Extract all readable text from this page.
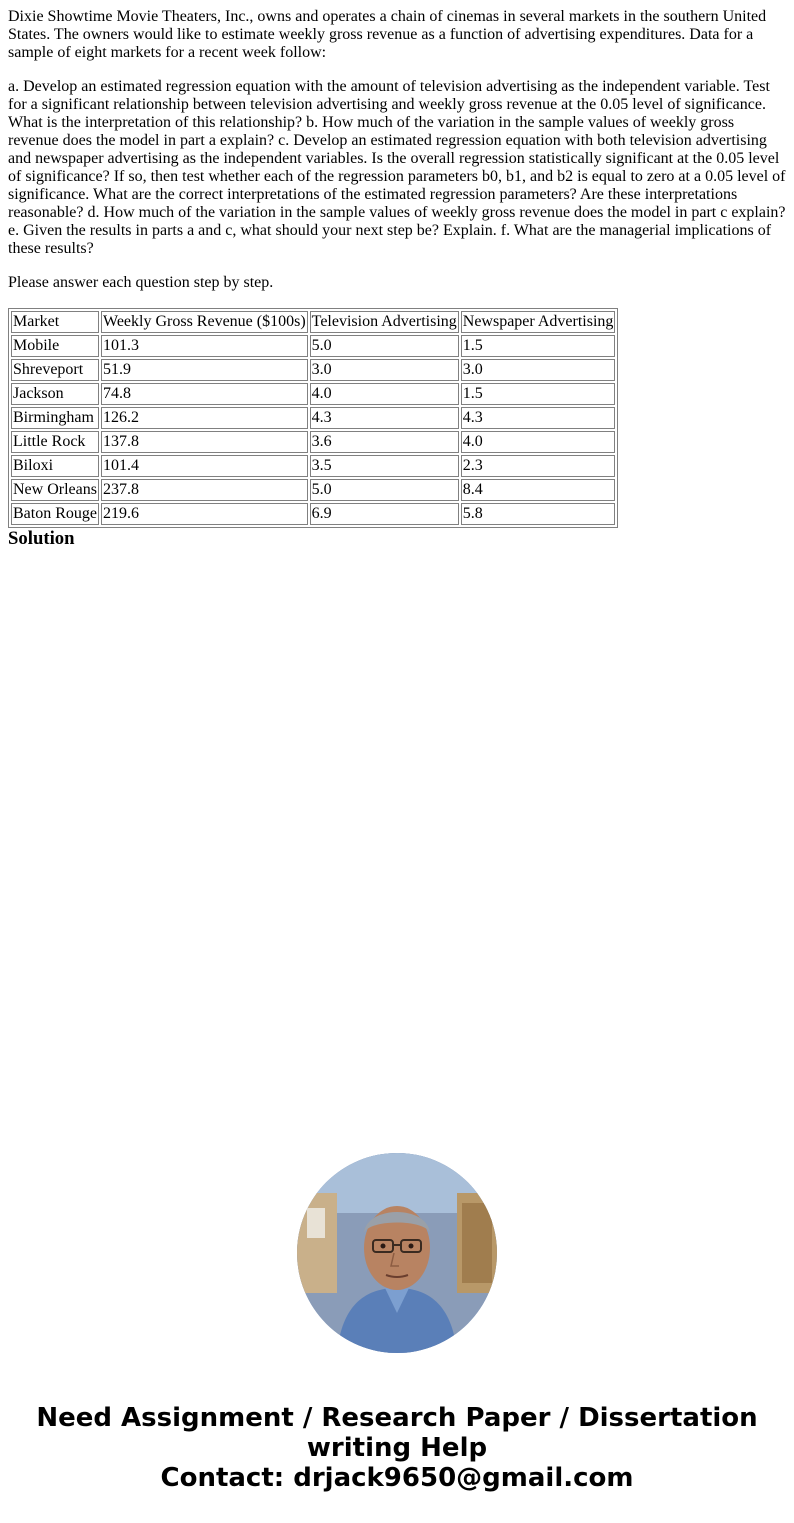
Dixie Showtime Movie Theaters, Inc., owns and operates a chain of cinemas in several markets in the southern United States. The owners would like to estimate weekly gross revenue as a function of advertising expenditures. Data for a sample of eight markets for a recent week follow:

a. Develop an estimated regression equation with the amount of television advertising as the independent variable. Test for a significant relationship between television advertising and weekly gross revenue at the 0.05 level of significance. What is the interpretation of this relationship? b. How much of the variation in the sample values of weekly gross revenue does the model in part a explain? c. Develop an estimated regression equation with both television advertising and newspaper advertising as the independent variables. Is the overall regression statistically significant at the 0.05 level of significance? If so, then test whether each of the regression parameters b0, b1, and b2 is equal to zero at a 0.05 level of significance. What are the correct interpretations of the estimated regression parameters? Are these interpretations reasonable? d. How much of the variation in the sample values of weekly gross revenue does the model in part c explain? e. Given the results in parts a and c, what should your next step be? Explain. f. What are the managerial implications of these results?

Please answer each question step by step.

Market	Weekly Gross Revenue ($100s)	Television Advertising	Newspaper Advertising
Mobile	101.3	5.0	1.5
Shreveport	51.9	3.0	3.0
Jackson	74.8	4.0	1.5
Birmingham	126.2	4.3	4.3
Little Rock	137.8	3.6	4.0
Biloxi	101.4	3.5	2.3
New Orleans	237.8	5.0	8.4
Baton Rouge	219.6	6.9	5.8
Solution
Need Assignment / Research Paper / Dissertation
writing Help
Contact: drjack9650@gmail.com
